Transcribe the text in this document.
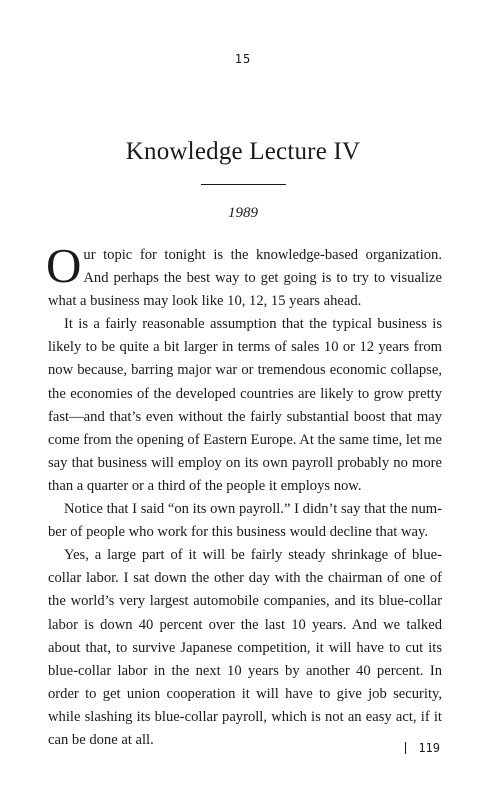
15
Knowledge Lecture IV
1989

Our topic for tonight is the knowledge-based organization. And perhaps the best way to get going is to try to visualize what a business may look like 10, 12, 15 years ahead.

It is a fairly reasonable assumption that the typical business is likely to be quite a bit larger in terms of sales 10 or 12 years from now because, barring major war or tremendous economic collapse, the economies of the developed countries are likely to grow pretty fast—and that’s even without the fairly substantial boost that may come from the opening of Eastern Europe. At the same time, let me say that business will employ on its own payroll probably no more than a quarter or a third of the people it employs now.

Notice that I said “on its own payroll.” I didn’t say that the number of people who work for this business would decline that way.

Yes, a large part of it will be fairly steady shrinkage of blue-collar labor. I sat down the other day with the chairman of one of the world’s very largest automobile companies, and its blue-collar labor is down 40 percent over the last 10 years. And we talked about that, to survive Japanese competition, it will have to cut its blue-collar labor in the next 10 years by another 40 percent. In order to get union cooperation it will have to give job security, while slashing its blue-collar payroll, which is not an easy act, if it can be done at all.

119
